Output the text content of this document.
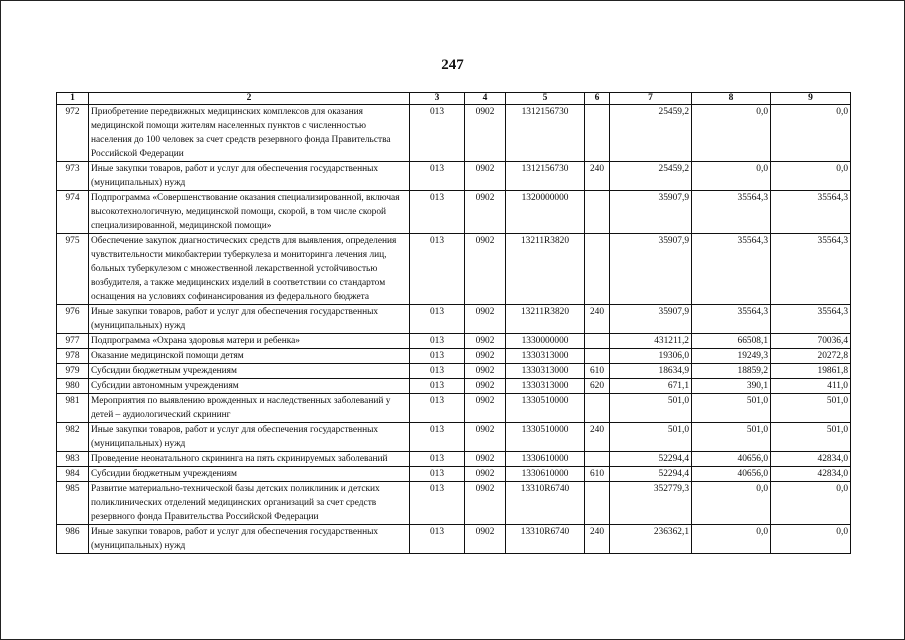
247
1	2	3	4	5	6	7	8	9
972	Приобретение передвижных медицинских комплексов для оказания медицинской помощи жителям населенных пунктов с численностью населения до 100 человек за счет средств резервного фонда Правительства Российской Федерации	013	0902	1312156730		25459,2	0,0	0,0
973	Иные закупки товаров, работ и услуг для обеспечения государственных (муниципальных) нужд	013	0902	1312156730	240	25459,2	0,0	0,0
974	Подпрограмма «Совершенствование оказания специализированной, включая высокотехнологичную, медицинской помощи, скорой, в том числе скорой специализированной, медицинской помощи»	013	0902	1320000000		35907,9	35564,3	35564,3
975	Обеспечение закупок диагностических средств для выявления, определения чувствительности микобактерии туберкулеза и мониторинга лечения лиц, больных туберкулезом с множественной лекарственной устойчивостью возбудителя, а также медицинских изделий в соответствии со стандартом оснащения на условиях софинансирования из федерального бюджета	013	0902	13211R3820		35907,9	35564,3	35564,3
976	Иные закупки товаров, работ и услуг для обеспечения государственных (муниципальных) нужд	013	0902	13211R3820	240	35907,9	35564,3	35564,3
977	Подпрограмма «Охрана здоровья матери и ребенка»	013	0902	1330000000		431211,2	66508,1	70036,4
978	Оказание медицинской помощи детям	013	0902	1330313000		19306,0	19249,3	20272,8
979	Субсидии бюджетным учреждениям	013	0902	1330313000	610	18634,9	18859,2	19861,8
980	Субсидии автономным учреждениям	013	0902	1330313000	620	671,1	390,1	411,0
981	Мероприятия по выявлению врожденных и наследственных заболеваний у детей – аудиологический скрининг	013	0902	1330510000		501,0	501,0	501,0
982	Иные закупки товаров, работ и услуг для обеспечения государственных (муниципальных) нужд	013	0902	1330510000	240	501,0	501,0	501,0
983	Проведение неонатального скрининга на пять скринируемых заболеваний	013	0902	1330610000		52294,4	40656,0	42834,0
984	Субсидии бюджетным учреждениям	013	0902	1330610000	610	52294,4	40656,0	42834,0
985	Развитие материально-технической базы детских поликлиник и детских поликлинических отделений медицинских организаций за счет средств резервного фонда Правительства Российской Федерации	013	0902	13310R6740		352779,3	0,0	0,0
986	Иные закупки товаров, работ и услуг для обеспечения государственных (муниципальных) нужд	013	0902	13310R6740	240	236362,1	0,0	0,0
